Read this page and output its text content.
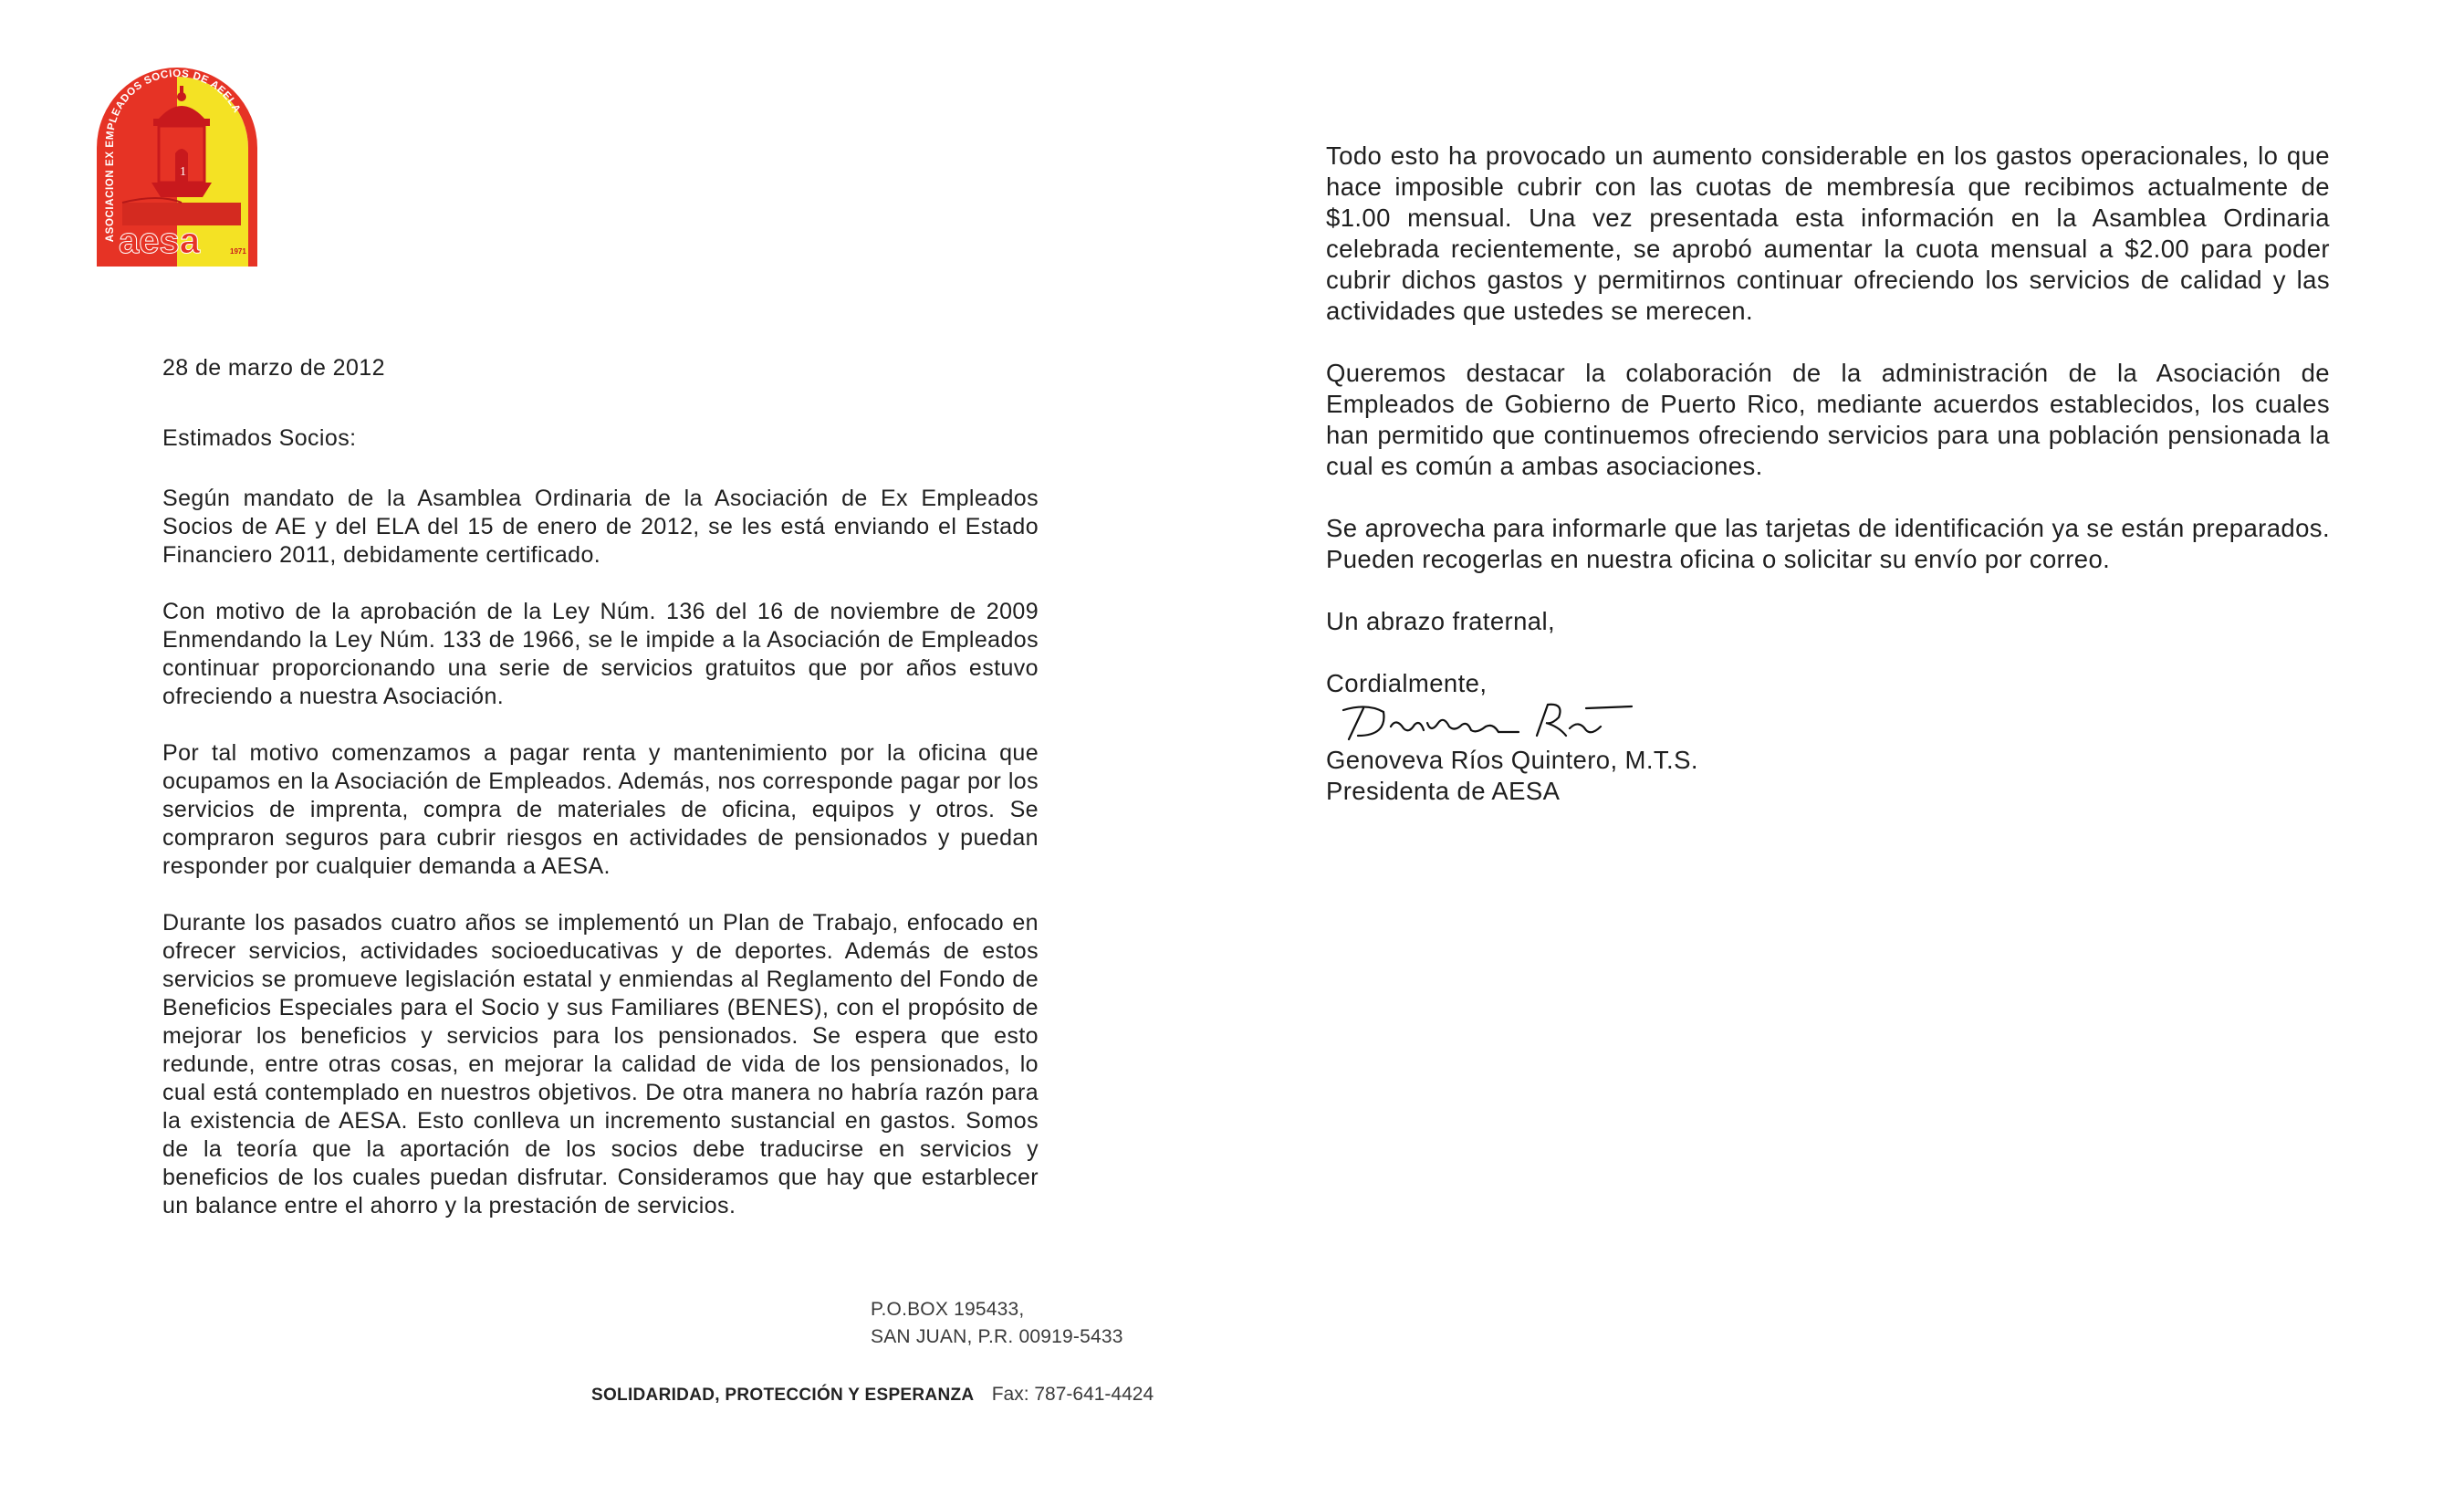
ASOCIACION EX EMPLEADOS SOCIOS DE AEELA
1
aesa	1971

28 de marzo de 2012

Estimados Socios:

Según mandato de la Asamblea Ordinaria de la Asociación de Ex Empleados Socios de AE y del ELA del 15 de enero de 2012, se les está enviando el Estado Financiero 2011, debidamente certificado.

Con motivo de la aprobación de la Ley Núm. 136 del 16 de noviembre de 2009 Enmendando la Ley Núm. 133 de 1966, se le impide a la Asociación de Empleados continuar proporcionando una serie de servicios gratuitos que por años estuvo ofreciendo a nuestra Asociación.

Por tal motivo comenzamos a pagar renta y mantenimiento por la oficina que ocupamos en la Asociación de Empleados. Además, nos corresponde pagar por los servicios de imprenta, compra de materiales de oficina, equipos y otros. Se compraron seguros para cubrir riesgos en actividades de pensionados y puedan responder por cualquier demanda a AESA.

Durante los pasados cuatro años se implementó un Plan de Trabajo, enfocado en ofrecer servicios, actividades socioeducativas y de deportes. Además de estos servicios se promueve legislación estatal y enmiendas al Reglamento del Fondo de Beneficios Especiales para el Socio y sus Familiares (BENES), con el propósito de mejorar los beneficios y servicios para los pensionados. Se espera que esto redunde, entre otras cosas, en mejorar la calidad de vida de los pensionados, lo cual está contemplado en nuestros objetivos. De otra manera no habría razón para la existencia de AESA. Esto conlleva un incremento sustancial en gastos. Somos de la teoría que la aportación de los socios debe traducirse en servicios y beneficios de los cuales puedan disfrutar. Consideramos que hay que estarblecer un balance entre el ahorro y la prestación de servicios.

Todo esto ha provocado un aumento considerable en los gastos operacionales, lo que hace imposible cubrir con las cuotas de membresía que recibimos actualmente de $1.00 mensual. Una vez presentada esta información en la Asamblea Ordinaria celebrada recientemente, se aprobó aumentar la cuota mensual a $2.00 para poder cubrir dichos gastos y permitirnos continuar ofreciendo los servicios de calidad y las actividades que ustedes se merecen.

Queremos destacar la colaboración de la administración de la Asociación de Empleados de Gobierno de Puerto Rico, mediante acuerdos establecidos, los cuales han permitido que continuemos ofreciendo servicios para una población pensionada la cual es común a ambas asociaciones.

Se aprovecha para informarle que las tarjetas de identificación ya se están preparados. Pueden recogerlas en nuestra oficina o solicitar su envío por correo.

Un abrazo fraternal,

Cordialmente,

Genoveva Ríos Quintero, M.T.S.

Presidenta de AESA

P.O.BOX 195433,

SAN JUAN, P.R. 00919-5433

SOLIDARIDAD, PROTECCIÓN Y ESPERANZA Fax: 787-641-4424
